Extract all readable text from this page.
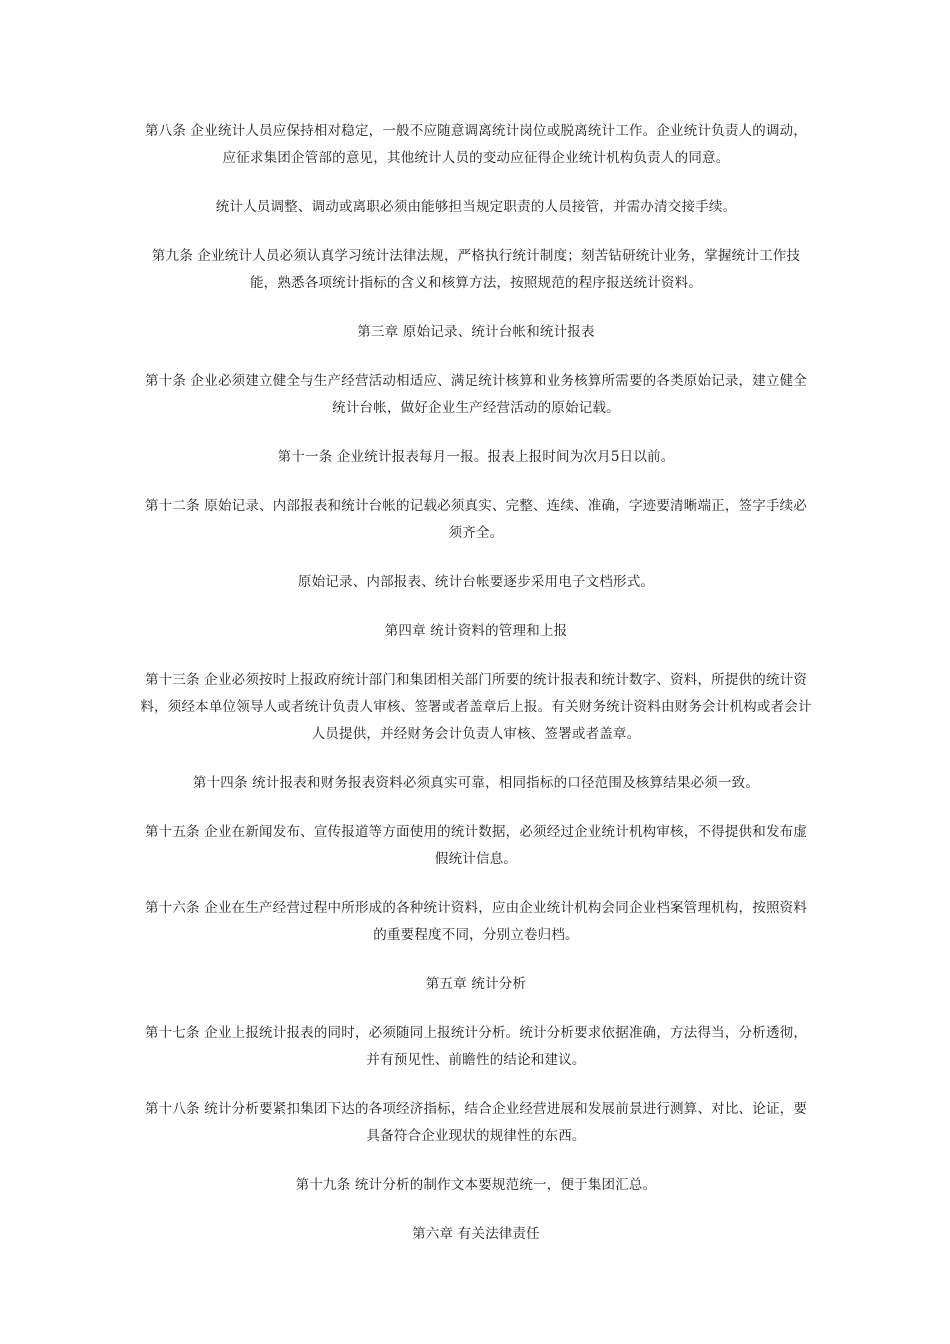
第八条 企业统计人员应保持相对稳定，一般不应随意调离统计岗位或脱离统计工作。企业统计负责人的调动，应征求集团企管部的意见，其他统计人员的变动应征得企业统计机构负责人的同意。

统计人员调整、调动或离职必须由能够担当规定职责的人员接管，并需办清交接手续。

第九条 企业统计人员必须认真学习统计法律法规，严格执行统计制度；刻苦钻研统计业务，掌握统计工作技能，熟悉各项统计指标的含义和核算方法，按照规范的程序报送统计资料。

第三章 原始记录、统计台帐和统计报表

第十条 企业必须建立健全与生产经营活动相适应、满足统计核算和业务核算所需要的各类原始记录，建立健全统计台帐，做好企业生产经营活动的原始记载。

第十一条 企业统计报表每月一报。报表上报时间为次月5日以前。

第十二条 原始记录、内部报表和统计台帐的记载必须真实、完整、连续、准确，字迹要清晰端正，签字手续必须齐全。

原始记录、内部报表、统计台帐要逐步采用电子文档形式。

第四章 统计资料的管理和上报

第十三条 企业必须按时上报政府统计部门和集团相关部门所要的统计报表和统计数字、资料，所提供的统计资料，须经本单位领导人或者统计负责人审核、签署或者盖章后上报。有关财务统计资料由财务会计机构或者会计人员提供，并经财务会计负责人审核、签署或者盖章。

第十四条 统计报表和财务报表资料必须真实可靠，相同指标的口径范围及核算结果必须一致。

第十五条 企业在新闻发布、宣传报道等方面使用的统计数据，必须经过企业统计机构审核，不得提供和发布虚假统计信息。

第十六条 企业在生产经营过程中所形成的各种统计资料，应由企业统计机构会同企业档案管理机构，按照资料的重要程度不同，分别立卷归档。

第五章 统计分析

第十七条 企业上报统计报表的同时，必须随同上报统计分析。统计分析要求依据准确，方法得当，分析透彻，并有预见性、前瞻性的结论和建议。

第十八条 统计分析要紧扣集团下达的各项经济指标，结合企业经营进展和发展前景进行测算、对比、论证，要具备符合企业现状的规律性的东西。

第十九条 统计分析的制作文本要规范统一，便于集团汇总。

第六章 有关法律责任
